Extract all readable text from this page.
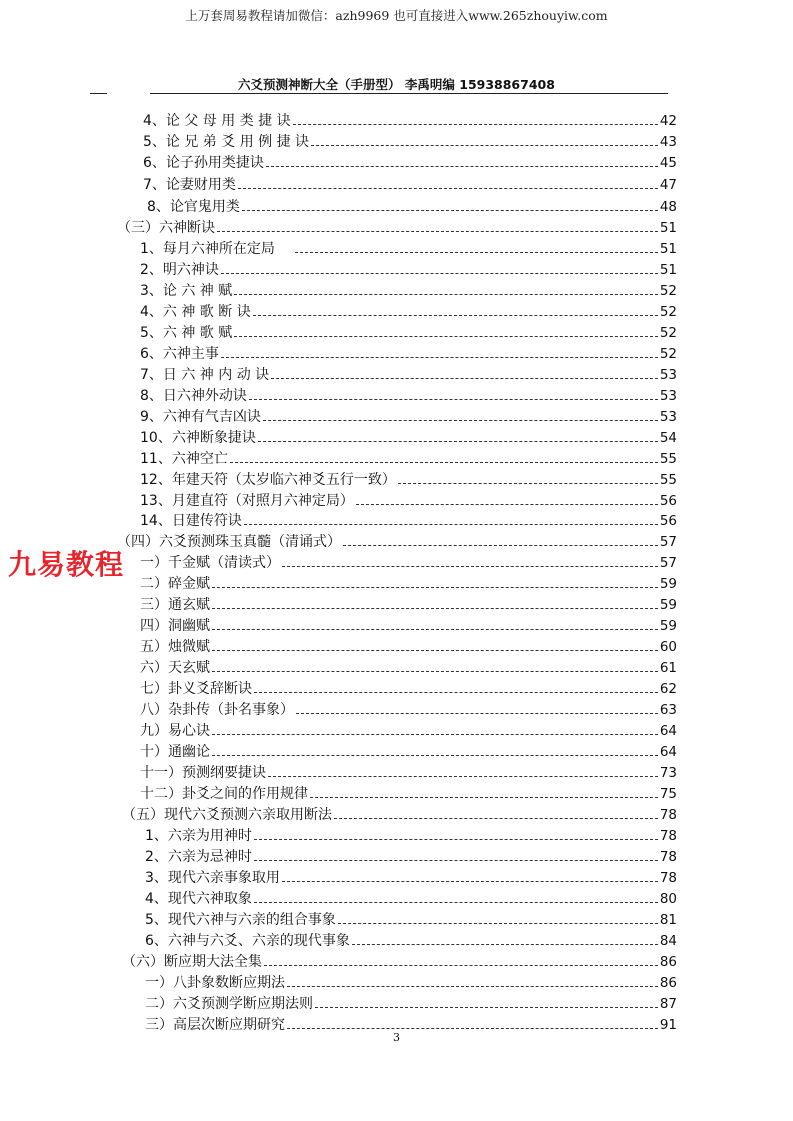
上万套周易教程请加微信：azh9969 也可直接进入www.265zhouyiw.com
六爻预测神断大全（手册型） 李禹明编 15938867408
4、论 父 母 用 类 捷 诀	42
5、论 兄 弟 爻 用 例 捷 诀	43
6、论子孙用类捷诀	45
7、论妻财用类	47
8、论官鬼用类	48
（三）六神断诀	51
1、每月六神所在定局	51
2、明六神诀	51
3、论 六 神 赋	52
4、六 神 歌 断 诀	52
5、六 神 歌 赋	52
6、六神主事	52
7、日 六 神 内 动 诀	53
8、日六神外动诀	53
9、六神有气吉凶诀	53
10、六神断象捷诀	54
11、六神空亡	55
12、年建天符（太岁临六神爻五行一致）	55
13、月建直符（对照月六神定局）	56
14、日建传符诀	56
（四）六爻预测珠玉真髓（清诵式）	57
一）千金赋（清读式）	57
二）碎金赋	59
三）通玄赋	59
四）洞幽赋	59
五）烛微赋	60
六）天玄赋	61
七）卦义爻辞断诀	62
八）杂卦传（卦名事象）	63
九）易心诀	64
十）通幽论	64
十一）预测纲要捷诀	73
十二）卦爻之间的作用规律	75
（五）现代六爻预测六亲取用断法	78
1、六亲为用神时	78
2、六亲为忌神时	78
3、现代六亲事象取用	78
4、现代六神取象	80
5、现代六神与六亲的组合事象	81
6、六神与六爻、六亲的现代事象	84
（六）断应期大法全集	86
一）八卦象数断应期法	86
二）六爻预测学断应期法则	87
三）高层次断应期研究	91
九易教程
3
